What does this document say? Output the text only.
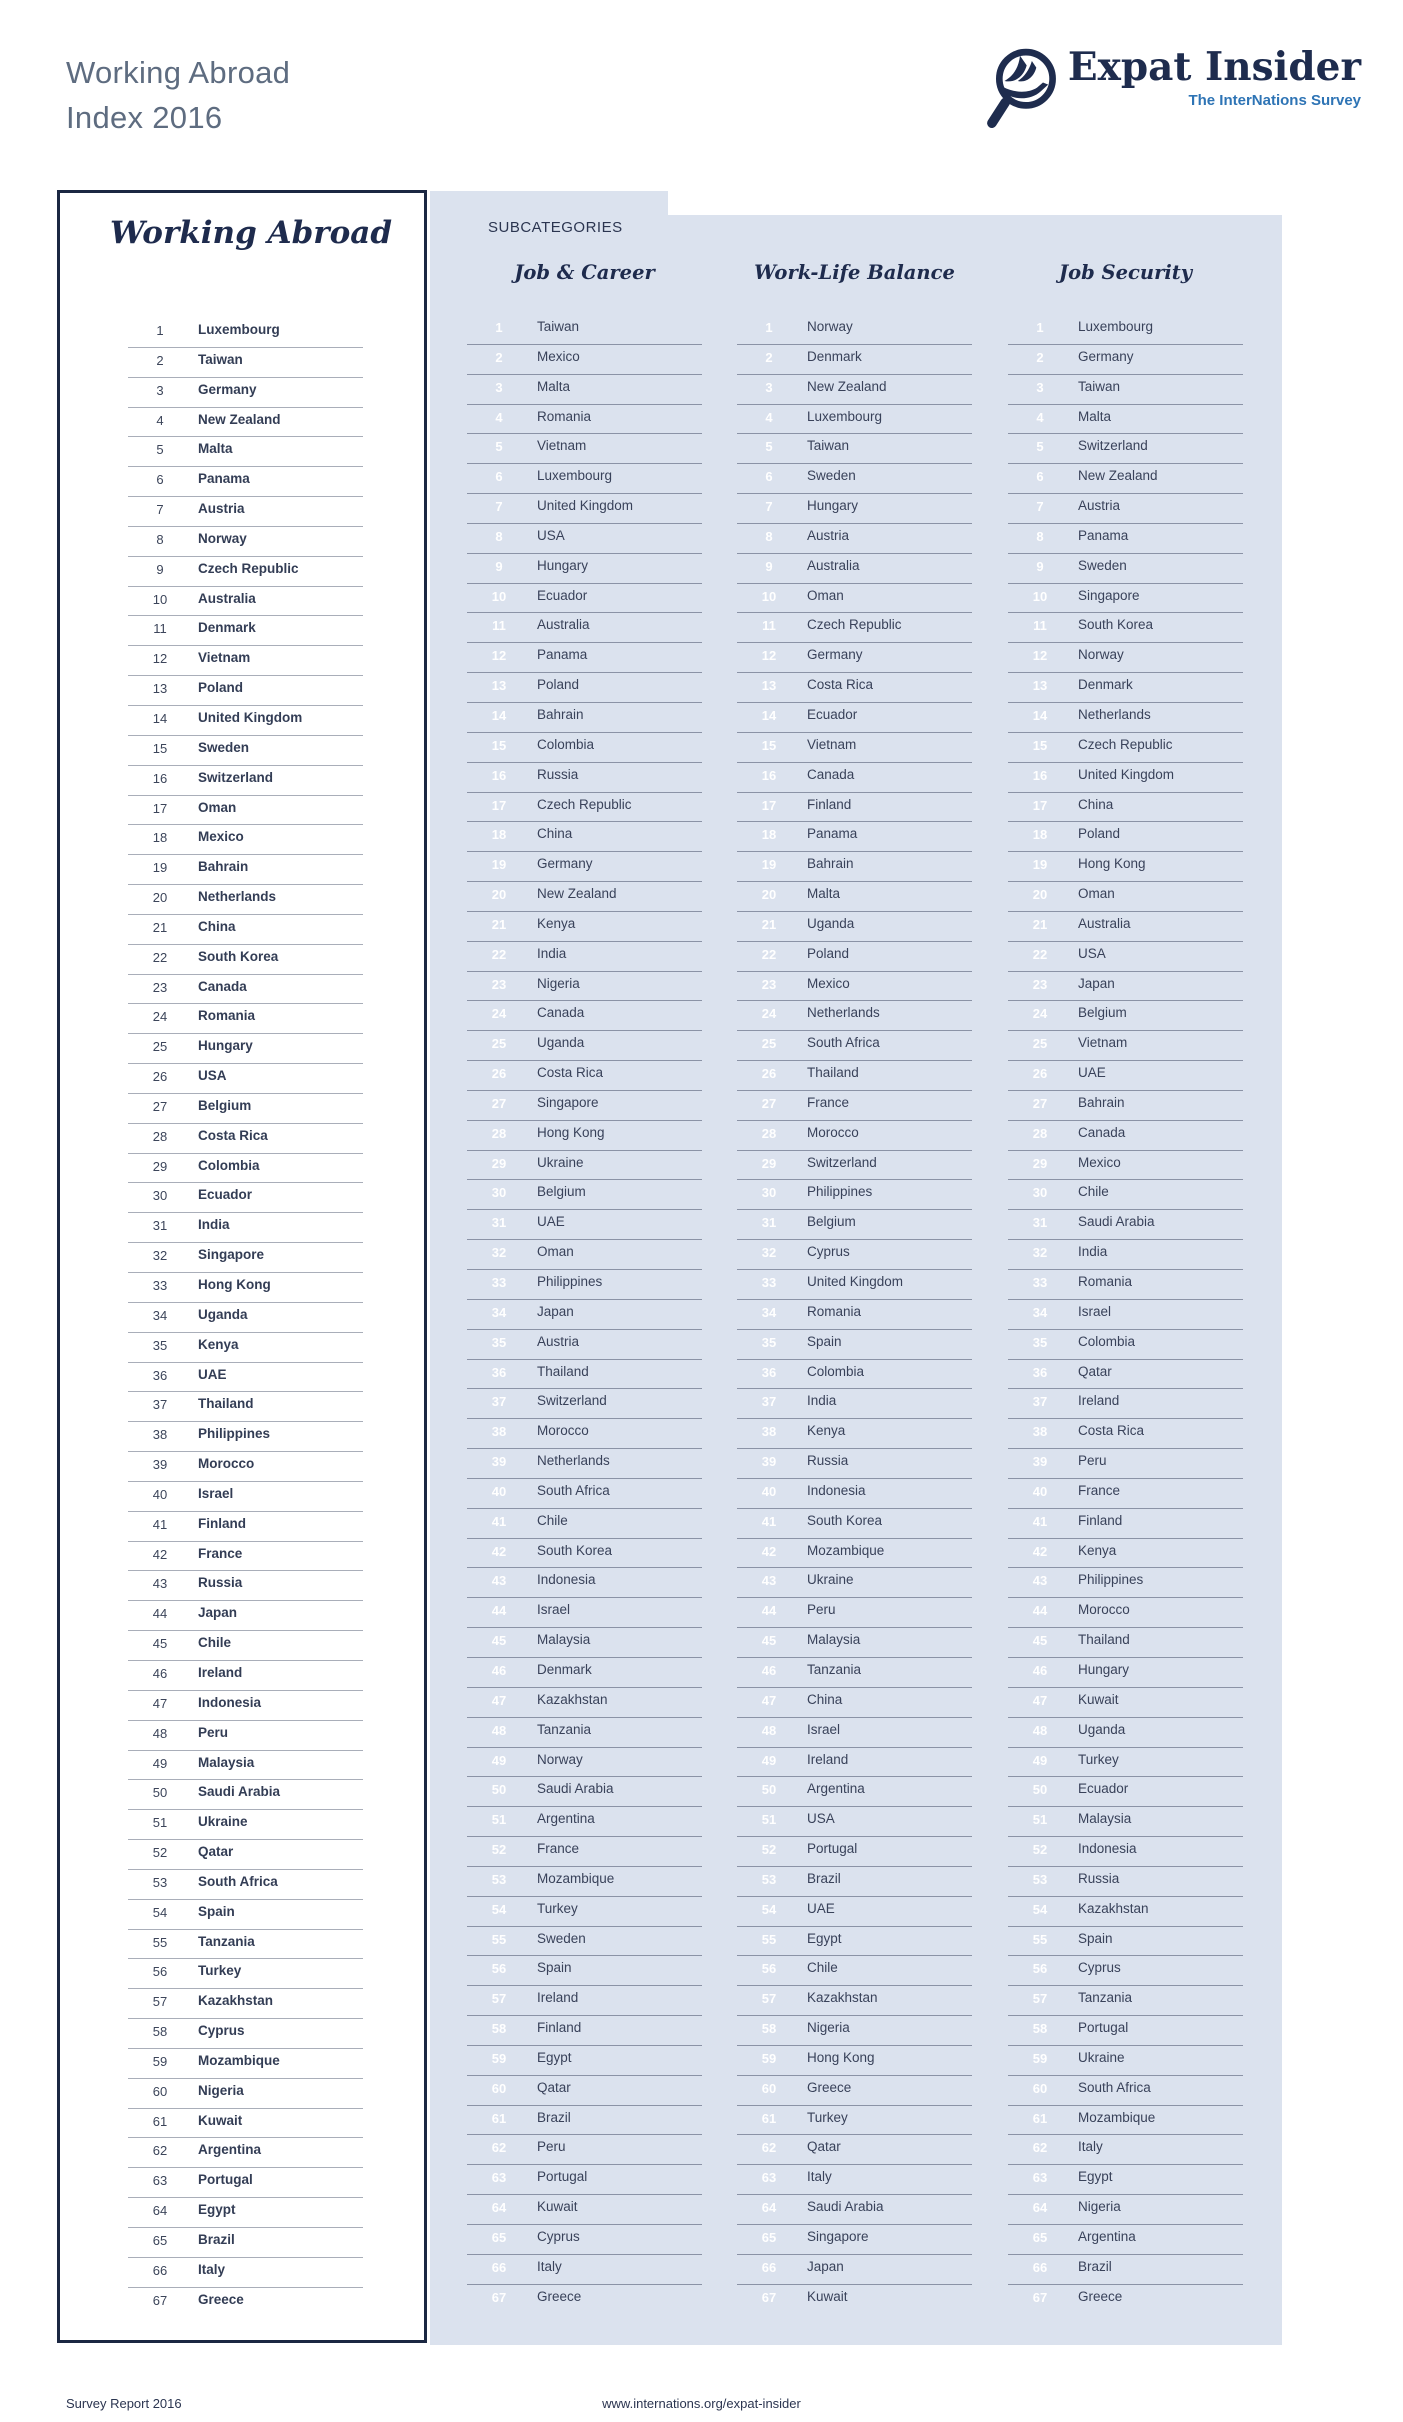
Working Abroad
Index 2016
Expat Insider
The InterNations Survey
SUBCATEGORIES
Job & Career
1	Taiwan
2	Mexico
3	Malta
4	Romania
5	Vietnam
6	Luxembourg
7	United Kingdom
8	USA
9	Hungary
10	Ecuador
11	Australia
12	Panama
13	Poland
14	Bahrain
15	Colombia
16	Russia
17	Czech Republic
18	China
19	Germany
20	New Zealand
21	Kenya
22	India
23	Nigeria
24	Canada
25	Uganda
26	Costa Rica
27	Singapore
28	Hong Kong
29	Ukraine
30	Belgium
31	UAE
32	Oman
33	Philippines
34	Japan
35	Austria
36	Thailand
37	Switzerland
38	Morocco
39	Netherlands
40	South Africa
41	Chile
42	South Korea
43	Indonesia
44	Israel
45	Malaysia
46	Denmark
47	Kazakhstan
48	Tanzania
49	Norway
50	Saudi Arabia
51	Argentina
52	France
53	Mozambique
54	Turkey
55	Sweden
56	Spain
57	Ireland
58	Finland
59	Egypt
60	Qatar
61	Brazil
62	Peru
63	Portugal
64	Kuwait
65	Cyprus
66	Italy
67	Greece
Work-Life Balance
1	Norway
2	Denmark
3	New Zealand
4	Luxembourg
5	Taiwan
6	Sweden
7	Hungary
8	Austria
9	Australia
10	Oman
11	Czech Republic
12	Germany
13	Costa Rica
14	Ecuador
15	Vietnam
16	Canada
17	Finland
18	Panama
19	Bahrain
20	Malta
21	Uganda
22	Poland
23	Mexico
24	Netherlands
25	South Africa
26	Thailand
27	France
28	Morocco
29	Switzerland
30	Philippines
31	Belgium
32	Cyprus
33	United Kingdom
34	Romania
35	Spain
36	Colombia
37	India
38	Kenya
39	Russia
40	Indonesia
41	South Korea
42	Mozambique
43	Ukraine
44	Peru
45	Malaysia
46	Tanzania
47	China
48	Israel
49	Ireland
50	Argentina
51	USA
52	Portugal
53	Brazil
54	UAE
55	Egypt
56	Chile
57	Kazakhstan
58	Nigeria
59	Hong Kong
60	Greece
61	Turkey
62	Qatar
63	Italy
64	Saudi Arabia
65	Singapore
66	Japan
67	Kuwait
Job Security
1	Luxembourg
2	Germany
3	Taiwan
4	Malta
5	Switzerland
6	New Zealand
7	Austria
8	Panama
9	Sweden
10	Singapore
11	South Korea
12	Norway
13	Denmark
14	Netherlands
15	Czech Republic
16	United Kingdom
17	China
18	Poland
19	Hong Kong
20	Oman
21	Australia
22	USA
23	Japan
24	Belgium
25	Vietnam
26	UAE
27	Bahrain
28	Canada
29	Mexico
30	Chile
31	Saudi Arabia
32	India
33	Romania
34	Israel
35	Colombia
36	Qatar
37	Ireland
38	Costa Rica
39	Peru
40	France
41	Finland
42	Kenya
43	Philippines
44	Morocco
45	Thailand
46	Hungary
47	Kuwait
48	Uganda
49	Turkey
50	Ecuador
51	Malaysia
52	Indonesia
53	Russia
54	Kazakhstan
55	Spain
56	Cyprus
57	Tanzania
58	Portugal
59	Ukraine
60	South Africa
61	Mozambique
62	Italy
63	Egypt
64	Nigeria
65	Argentina
66	Brazil
67	Greece
Working Abroad
1	Luxembourg
2	Taiwan
3	Germany
4	New Zealand
5	Malta
6	Panama
7	Austria
8	Norway
9	Czech Republic
10	Australia
11	Denmark
12	Vietnam
13	Poland
14	United Kingdom
15	Sweden
16	Switzerland
17	Oman
18	Mexico
19	Bahrain
20	Netherlands
21	China
22	South Korea
23	Canada
24	Romania
25	Hungary
26	USA
27	Belgium
28	Costa Rica
29	Colombia
30	Ecuador
31	India
32	Singapore
33	Hong Kong
34	Uganda
35	Kenya
36	UAE
37	Thailand
38	Philippines
39	Morocco
40	Israel
41	Finland
42	France
43	Russia
44	Japan
45	Chile
46	Ireland
47	Indonesia
48	Peru
49	Malaysia
50	Saudi Arabia
51	Ukraine
52	Qatar
53	South Africa
54	Spain
55	Tanzania
56	Turkey
57	Kazakhstan
58	Cyprus
59	Mozambique
60	Nigeria
61	Kuwait
62	Argentina
63	Portugal
64	Egypt
65	Brazil
66	Italy
67	Greece
www.internations.org/expat-insider
Survey Report 2016
